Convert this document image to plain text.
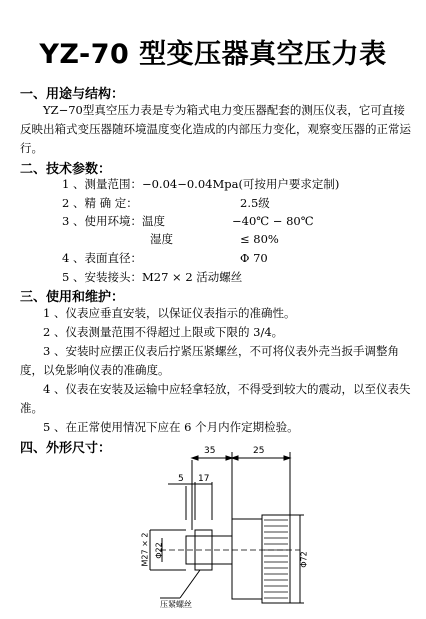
YZ-70 型变压器真空压力表
一、用途与结构：
YZ−70型真空压力表是专为箱式电力变压器配套的测压仪表，它可直接反映出箱式变压器随环境温度变化造成的内部压力变化，观察变压器的正常运行。
二、技术参数：
1 、测量范围：−0.04−0.04Mpa(可按用户要求定制)
2 、精 确 定：	2.5级
3 、使用环境：温度	−40℃ − 80℃
湿度	≤ 80%
4 、表面直径：	Φ 70
5 、安装接头：M27 × 2 活动螺丝
三、使用和维护：
1 、仪表应垂直安装，以保证仪表指示的准确性。
2 、仪表测量范围不得超过上限或下限的 3/4。
3 、安装时应摆正仪表后拧紧压紧螺丝，不可将仪表外壳当扳手调整角度，以免影响仪表的准确度。
4 、仪表在安装及运输中应轻拿轻放，不得受到较大的震动，以至仪表失准。
5 、在正常使用情况下应在 6 个月内作定期检验。
四、外形尺寸：	35	25
5 17
M27 × 2 Φ22
Φ72
压紧螺丝
